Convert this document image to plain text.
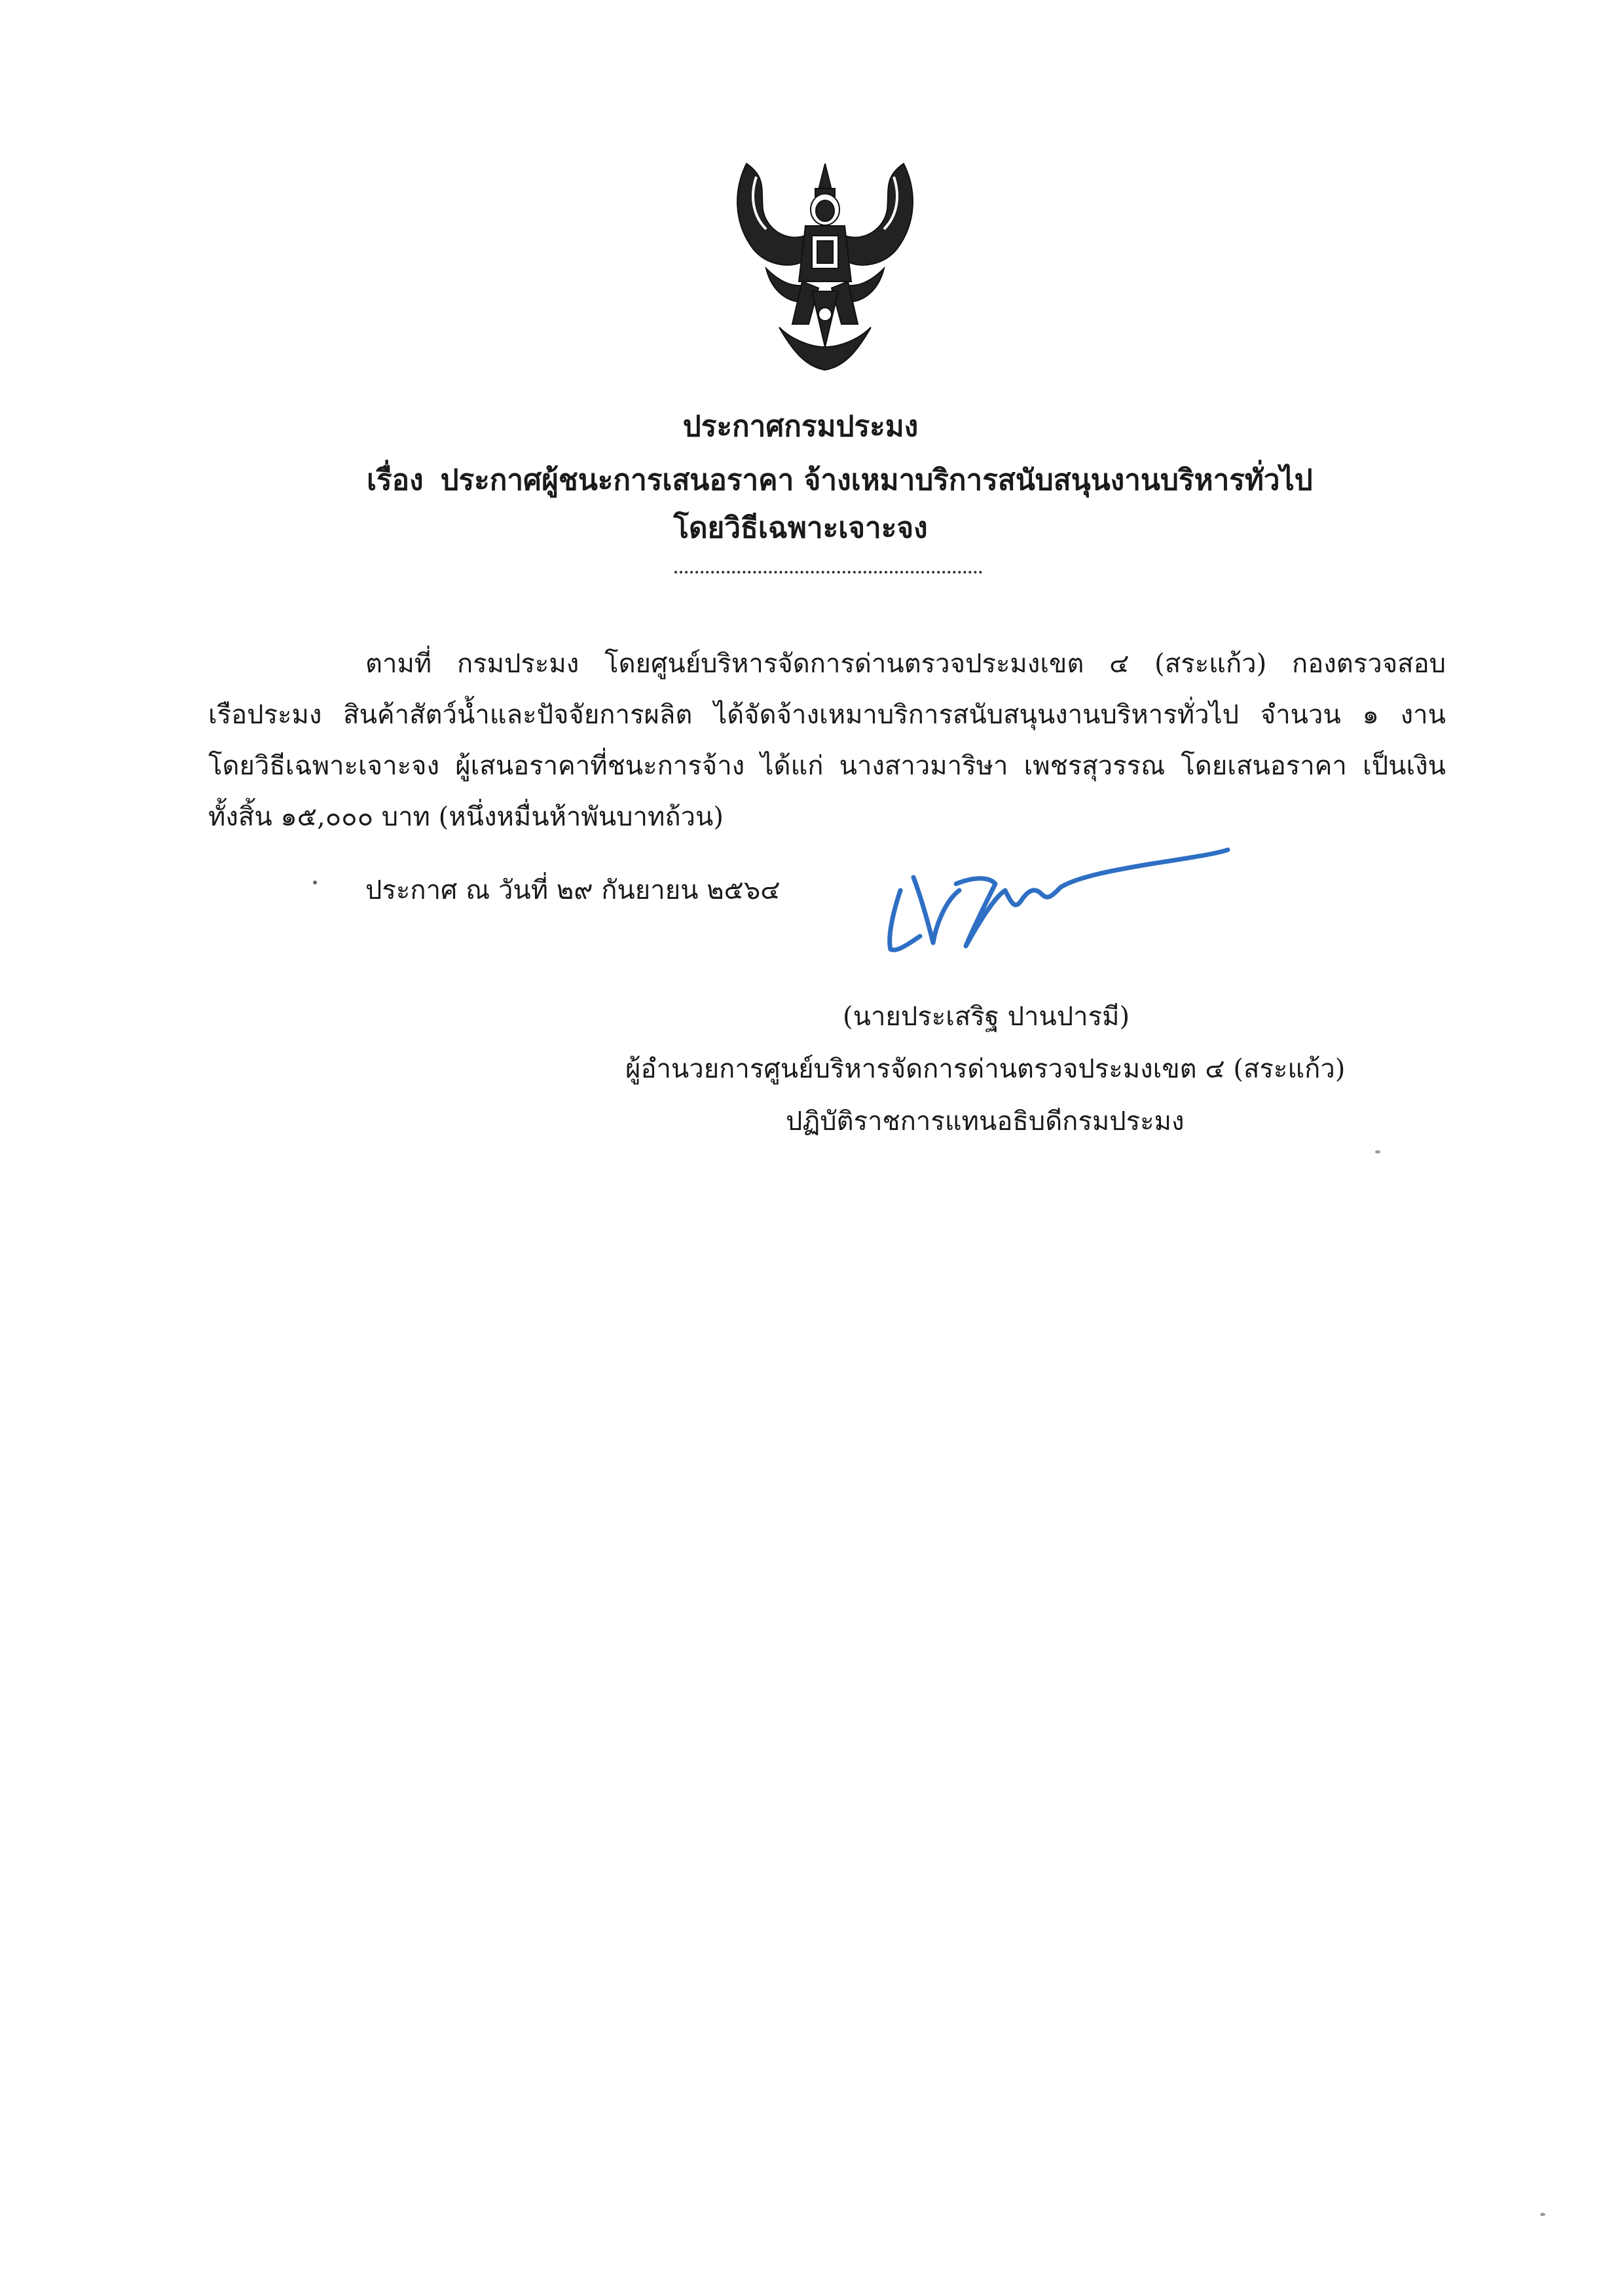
ประกาศกรมประมง
เรื่อง ประกาศผู้ชนะการเสนอราคา จ้างเหมาบริการสนับสนุนงานบริหารทั่วไป
โดยวิธีเฉพาะเจาะจง
ตามที่ กรมประมง โดยศูนย์บริหารจัดการด่านตรวจประมงเขต ๔ (สระแก้ว) กองตรวจสอบ
เรือประมง สินค้าสัตว์น้ำและปัจจัยการผลิต ได้จัดจ้างเหมาบริการสนับสนุนงานบริหารทั่วไป จำนวน ๑ งาน
โดยวิธีเฉพาะเจาะจง ผู้เสนอราคาที่ชนะการจ้าง ได้แก่ นางสาวมาริษา เพชรสุวรรณ โดยเสนอราคา เป็นเงิน
ทั้งสิ้น ๑๕,๐๐๐ บาท (หนึ่งหมื่นห้าพันบาทถ้วน)
ประกาศ ณ วันที่ ๒๙ กันยายน ๒๕๖๔
(นายประเสริฐ ปานปารมี)
ผู้อำนวยการศูนย์บริหารจัดการด่านตรวจประมงเขต ๔ (สระแก้ว)
ปฏิบัติราชการแทนอธิบดีกรมประมง
